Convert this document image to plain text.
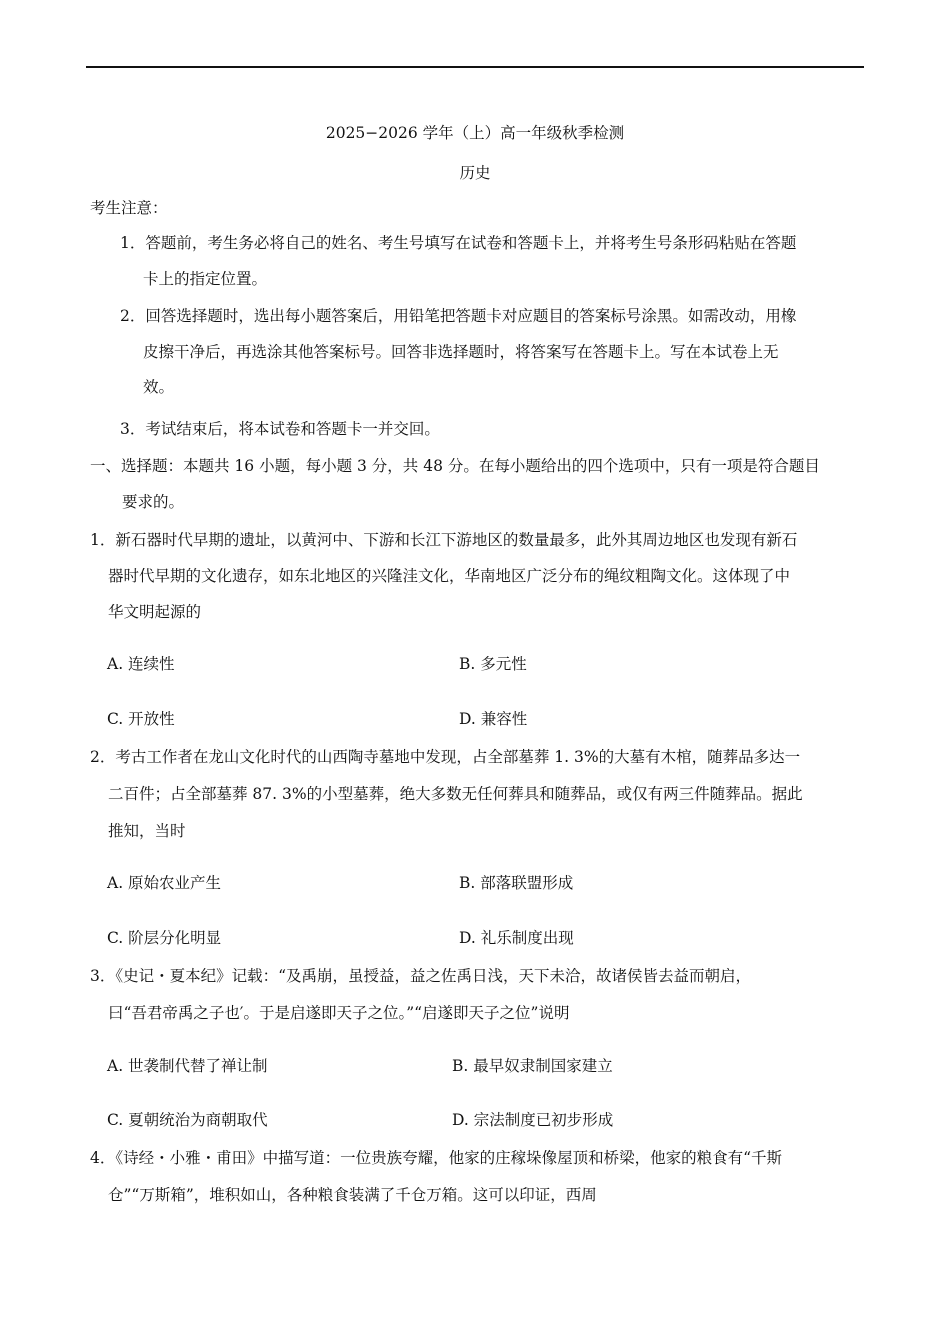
2025−2026 学年（上）高一年级秋季检测
历史
考生注意：
1．答题前，考生务必将自己的姓名、考生号填写在试卷和答题卡上，并将考生号条形码粘贴在答题
卡上的指定位置。
2．回答选择题时，选出每小题答案后，用铅笔把答题卡对应题目的答案标号涂黑。如需改动，用橡
皮擦干净后，再选涂其他答案标号。回答非选择题时，将答案写在答题卡上。写在本试卷上无
效。
3．考试结束后，将本试卷和答题卡一并交回。
一、选择题：本题共 16 小题，每小题 3 分，共 48 分。在每小题给出的四个选项中，只有一项是符合题目
要求的。
1．新石器时代早期的遗址，以黄河中、下游和长江下游地区的数量最多，此外其周边地区也发现有新石
器时代早期的文化遗存，如东北地区的兴隆洼文化，华南地区广泛分布的绳纹粗陶文化。这体现了中
华文明起源的
A. 连续性	B. 多元性
C. 开放性	D. 兼容性
2．考古工作者在龙山文化时代的山西陶寺墓地中发现，占全部墓葬 1. 3%的大墓有木棺，随葬品多达一
二百件；占全部墓葬 87. 3%的小型墓葬，绝大多数无任何葬具和随葬品，或仅有两三件随葬品。据此
推知，当时
A. 原始农业产生	B. 部落联盟形成
C. 阶层分化明显	D. 礼乐制度出现
3．《史记・夏本纪》记载：“及禹崩，虽授益，益之佐禹日浅，天下未洽，故诸侯皆去益而朝启，
曰“吾君帝禹之子也′。于是启遂即天子之位。”“启遂即天子之位”说明
A. 世袭制代替了禅让制	B. 最早奴隶制国家建立
C. 夏朝统治为商朝取代	D. 宗法制度已初步形成
4．《诗经・小雅・甫田》中描写道：一位贵族夸耀，他家的庄稼垛像屋顶和桥梁，他家的粮食有“千斯
仓”“万斯箱”，堆积如山，各种粮食装满了千仓万箱。这可以印证，西周
